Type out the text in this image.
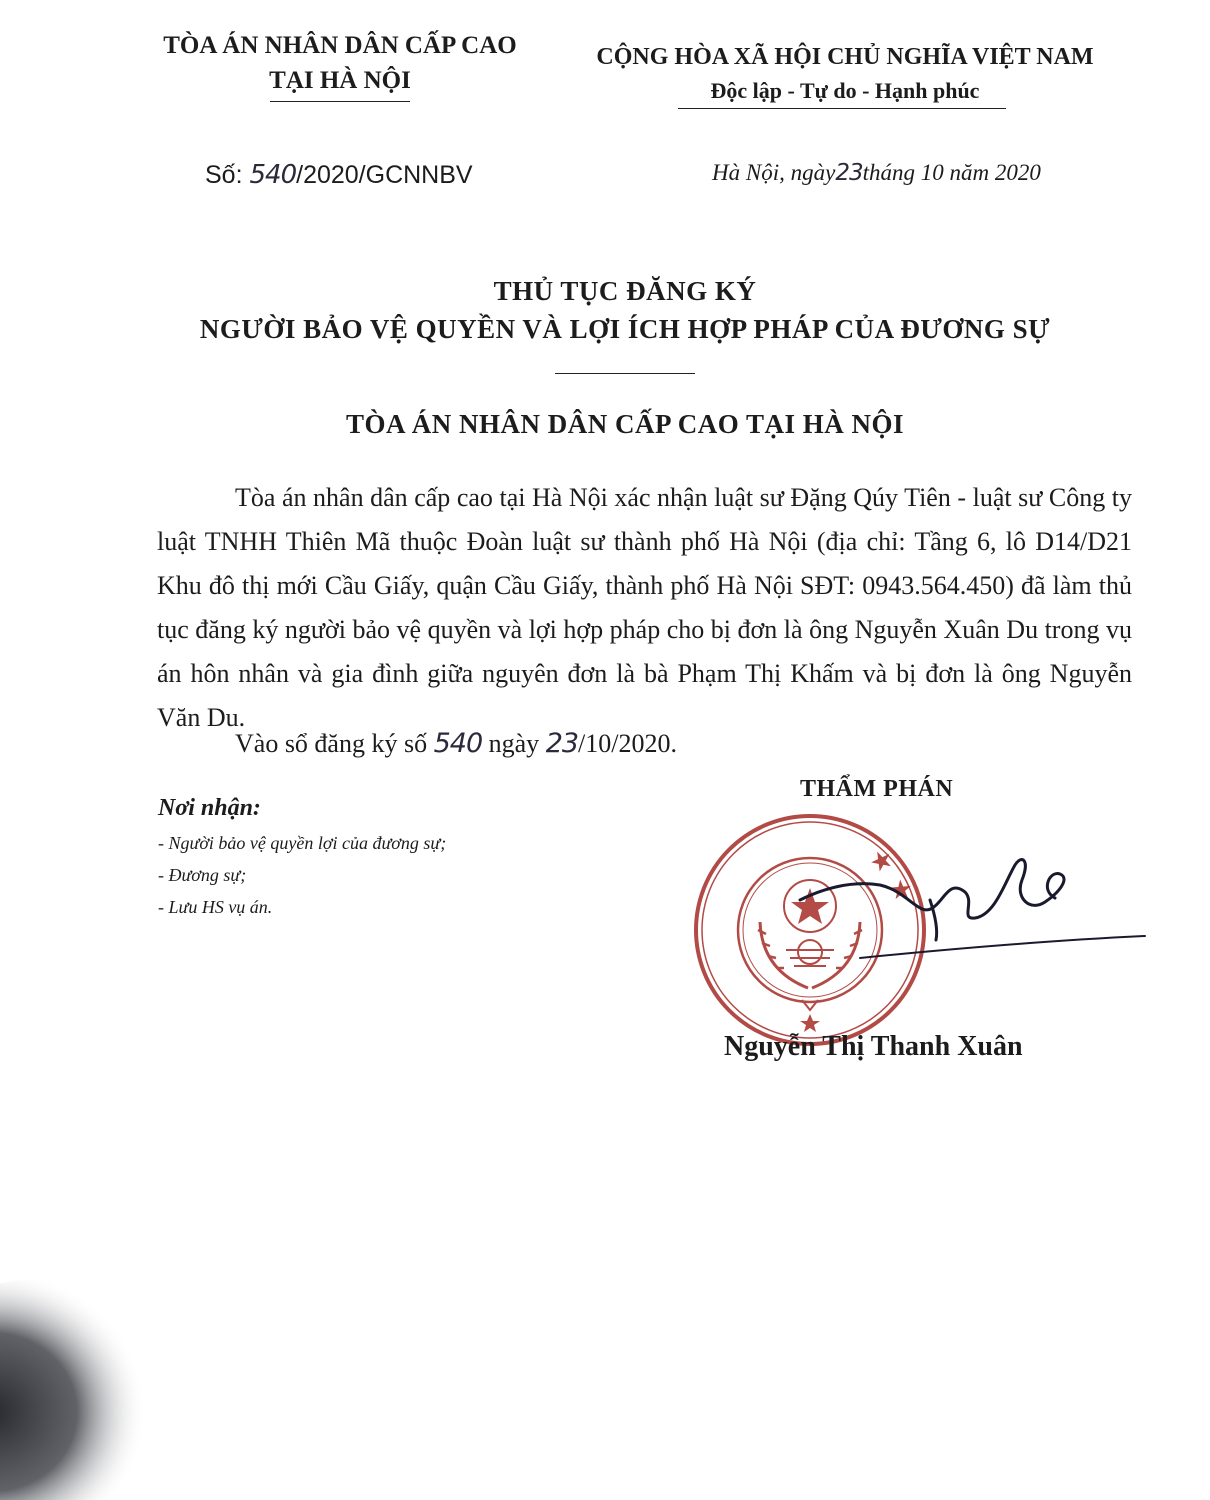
TÒA ÁN NHÂN DÂN CẤP CAO
TẠI HÀ NỘI
CỘNG HÒA XÃ HỘI CHỦ NGHĨA VIỆT NAM
Độc lập - Tự do - Hạnh phúc
Số: 540/2020/GCNNBV	Hà Nội, ngày23tháng 10 năm 2020
THỦ TỤC ĐĂNG KÝ
NGƯỜI BẢO VỆ QUYỀN VÀ LỢI ÍCH HỢP PHÁP CỦA ĐƯƠNG SỰ
TÒA ÁN NHÂN DÂN CẤP CAO TẠI HÀ NỘI
Tòa án nhân dân cấp cao tại Hà Nội xác nhận luật sư Đặng Qúy Tiên - luật sư Công ty luật TNHH Thiên Mã thuộc Đoàn luật sư thành phố Hà Nội (địa chỉ: Tầng 6, lô D14/D21 Khu đô thị mới Cầu Giấy, quận Cầu Giấy, thành phố Hà Nội SĐT: 0943.564.450) đã làm thủ tục đăng ký người bảo vệ quyền và lợi hợp pháp cho bị đơn là ông Nguyễn Xuân Du trong vụ án hôn nhân và gia đình giữa nguyên đơn là bà Phạm Thị Khấm và bị đơn là ông Nguyễn Văn Du.
Vào sổ đăng ký số 540 ngày 23/10/2020.
Nơi nhận:
- Người bảo vệ quyền lợi của đương sự;
- Đương sự;
- Lưu HS vụ án.
THẨM PHÁN
★ ★
Nguyễn Thị Thanh Xuân
